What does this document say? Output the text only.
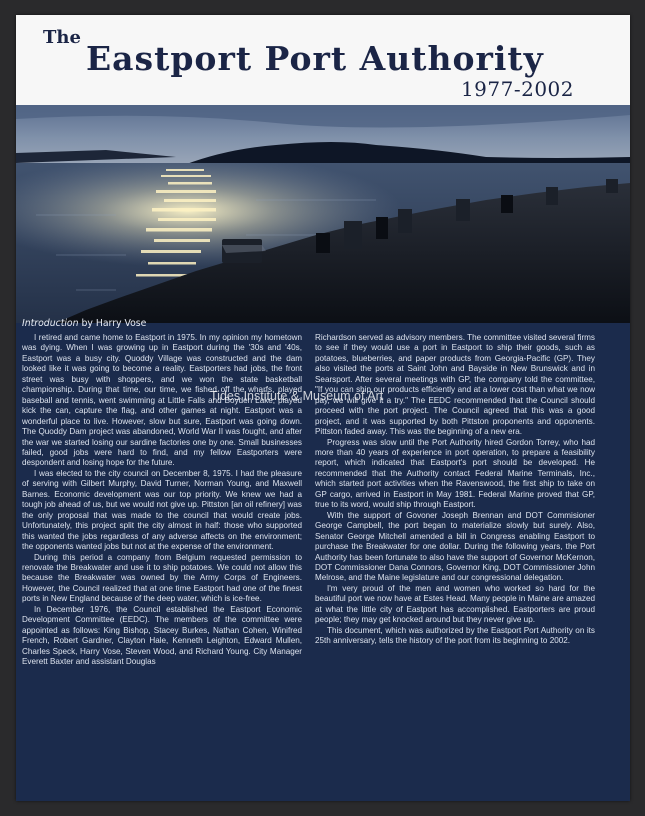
The
Eastport Port Authority
1977-2002
Introduction by Harry Vose

I retired and came home to Eastport in 1975. In my opinion my hometown was dying. When I was growing up in Eastport during the '30s and '40s, Eastport was a busy city. Quoddy Village was constructed and the dam looked like it was going to become a reality. Eastporters had jobs, the front street was busy with shoppers, and we won the state basketball championship. During that time, our time, we fished off the wharfs, played baseball and tennis, went swimming at Little Falls and Boyden Lake, played kick the can, capture the flag, and other games at night. Eastport was a wonderful place to live. However, slow but sure, Eastport was going down. The Quoddy Dam project was abandoned, World War II was fought, and after the war we started losing our sardine factories one by one. Small businesses failed, good jobs were hard to find, and my fellow Eastporters were despondent and losing hope for the future.

I was elected to the city council on December 8, 1975. I had the pleasure of serving with Gilbert Murphy, David Turner, Norman Young, and Maxwell Barnes. Economic development was our top priority. We knew we had a tough job ahead of us, but we would not give up. Pittston [an oil refinery] was the only proposal that was made to the council that would create jobs. Unfortunately, this project split the city almost in half: those who supported this wanted the jobs regardless of any adverse affects on the environment; the opponents wanted jobs but not at the expense of the environment.

During this period a company from Belgium requested permission to renovate the Breakwater and use it to ship potatoes. We could not allow this because the Breakwater was owned by the Army Corps of Engineers. However, the Council realized that at one time Eastport had one of the finest ports in New England because of the deep water, which is ice-free.

In December 1976, the Council established the Eastport Economic Development Committee (EEDC). The members of the committee were appointed as follows: King Bishop, Stacey Burkes, Nathan Cohen, Winifred French, Robert Gardner, Clayton Hale, Kenneth Leighton, Edward Mullen, Charles Speck, Harry Vose, Steven Wood, and Richard Young. City Manager Everett Baxter and assistant Douglas

Richardson served as advisory members. The committee visited several firms to see if they would use a port in Eastport to ship their goods, such as potatoes, blueberries, and paper products from Georgia-Pacific (GP). They also visited the ports at Saint John and Bayside in New Brunswick and in Searsport. After several meetings with GP, the company told the committee, "If you can ship our products efficiently and at a lower cost than what we now pay, we will give it a try." The EEDC recommended that the Council should proceed with the port project. The Council agreed that this was a good project, and it was supported by both Pittston proponents and opponents. Pittston faded away. This was the beginning of a new era.

Progress was slow until the Port Authority hired Gordon Torrey, who had more than 40 years of experience in port operation, to prepare a feasibility report, which indicated that Eastport's port should be developed. He recommended that the Authority contact Federal Marine Terminals, Inc., which started port activities when the Ravenswood, the first ship to take on GP cargo, arrived in Eastport in May 1981. Federal Marine proved that GP, true to its word, would ship through Eastport.

With the support of Govoner Joseph Brennan and DOT Commisioner George Campbell, the port began to materialize slowly but surely. Also, Senator George Mitchell amended a bill in Congress enabling Eastport to purchase the Breakwater for one dollar. During the following years, the Port Authority has been fortunate to also have the support of Governor McKernon, DOT Commissioner Dana Connors, Governor King, DOT Commissioner John Melrose, and the Maine legislature and our congressional delegation.

I'm very proud of the men and women who worked so hard for the beautiful port we now have at Estes Head. Many people in Maine are amazed at what the little city of Eastport has accomplished. Eastporters are proud people; they may get knocked around but they never give up.

This document, which was authorized by the Eastport Port Authority on its 25th anniversary, tells the history of the port from its beginning to 2002.

Tides Institute & Museum of Art
